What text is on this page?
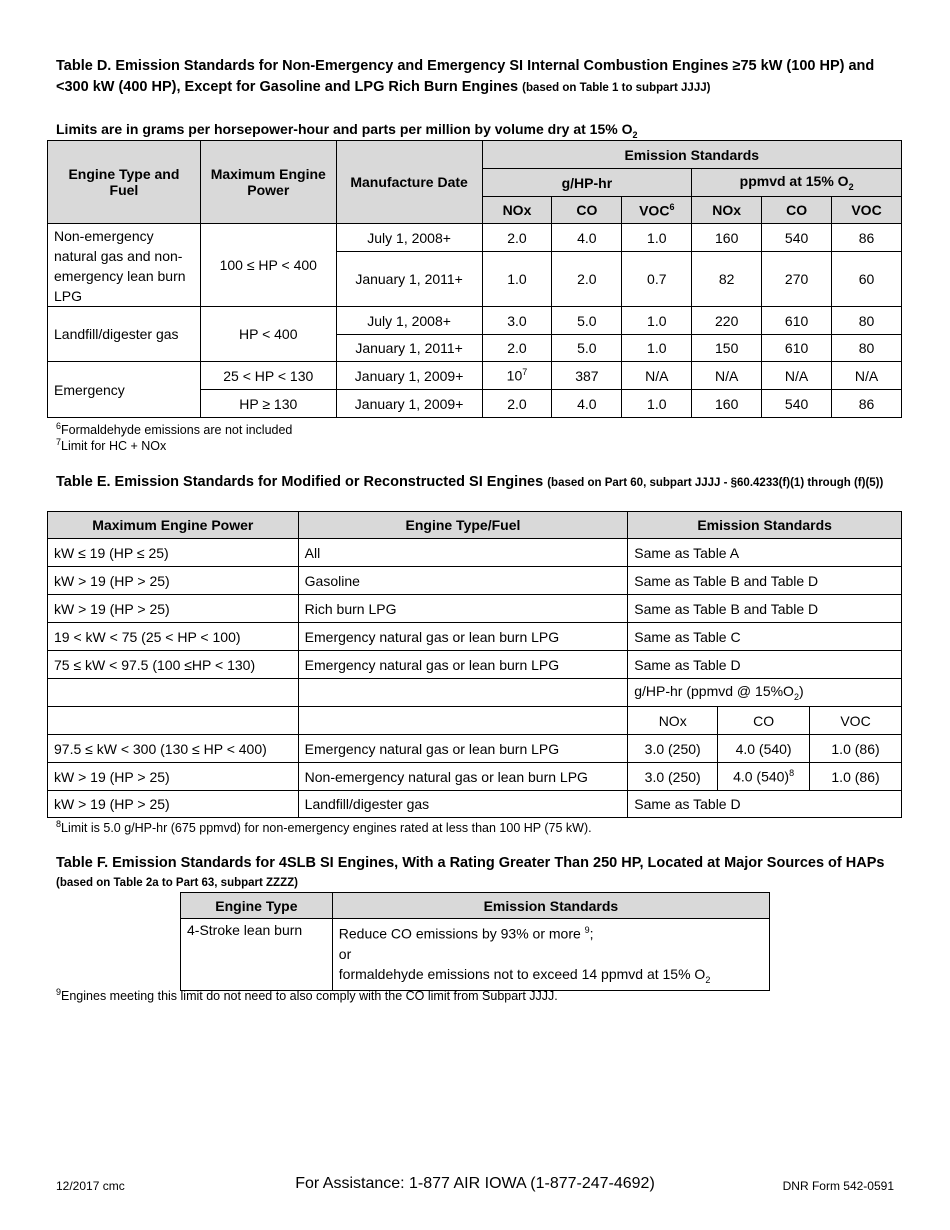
Table D. Emission Standards for Non-Emergency and Emergency SI Internal Combustion Engines ≥75 kW (100 HP) and <300 kW (400 HP), Except for Gasoline and LPG Rich Burn Engines (based on Table 1 to subpart JJJJ)
Limits are in grams per horsepower-hour and parts per million by volume dry at 15% $O_2$
Engine Type and Fuel	Maximum Engine Power	Manufacture Date	Emission Standards					
			g/HP-hr			ppmvd at 15% $O_2$
			NOx	CO	VOC$^6$	NOx	CO	VOC
Non-emergency natural gas and non-emergency lean burn LPG	100 ≤ HP < 400	July 1, 2008+	2.0	4.0	1.0	160	540	86
		January 1, 2011+	1.0	2.0	0.7	82	270	60
Landfill/digester gas	HP < 400	July 1, 2008+	3.0	5.0	1.0	220	610	80
		January 1, 2011+	2.0	5.0	1.0	150	610	80
Emergency	25 < HP < 130	January 1, 2009+	$10^7$	387	N/A	N/A	N/A	N/A
	HP ≥ 130	January 1, 2009+	2.0	4.0	1.0	160	540	86
$^6$Formaldehyde emissions are not included
$^7$Limit for HC + NOx
Table E. Emission Standards for Modified or Reconstructed SI Engines (based on Part 60, subpart JJJJ - §60.4233(f)(1) through (f)(5))
Maximum Engine Power	Engine Type/Fuel	Emission Standards		
kW ≤ 19 (HP ≤ 25)	All	Same as Table A		
kW > 19 (HP > 25)	Gasoline	Same as Table B and Table D		
kW > 19 (HP > 25)	Rich burn LPG	Same as Table B and Table D		
19 < kW < 75 (25 < HP < 100)	Emergency natural gas or lean burn LPG	Same as Table C		
75 ≤ kW < 97.5 (100 ≤HP < 130)	Emergency natural gas or lean burn LPG	Same as Table D		
		g/HP-hr (ppmvd @ $15\%O_2$)		
		NOx	CO	VOC
97.5 ≤ kW < 300 (130 ≤ HP < 400)	Emergency natural gas or lean burn LPG	3.0 (250)	4.0 (540)	1.0 (86)
kW > 19 (HP > 25)	Non-emergency natural gas or lean burn LPG	3.0 (250)	4.0 $(540)^8$	1.0 (86)
kW > 19 (HP > 25)	Landfill/digester gas	Same as Table D		
$^8$Limit is 5.0 g/HP-hr (675 ppmvd) for non-emergency engines rated at less than 100 HP (75 kW).
Table F. Emission Standards for 4SLB SI Engines, With a Rating Greater Than 250 HP, Located at Major Sources of HAPs
(based on Table 2a to Part 63, subpart ZZZZ)
Engine Type	Emission Standards
4-Stroke lean burn	Reduce CO emissions by 93% or more $^9$;
or
formaldehyde emissions not to exceed 14 ppmvd at 15% $O_2$
$^9$Engines meeting this limit do not need to also comply with the CO limit from Subpart JJJJ.
12/2017 cmc	For Assistance: 1-877 AIR IOWA (1-877-247-4692)	DNR Form 542-0591
